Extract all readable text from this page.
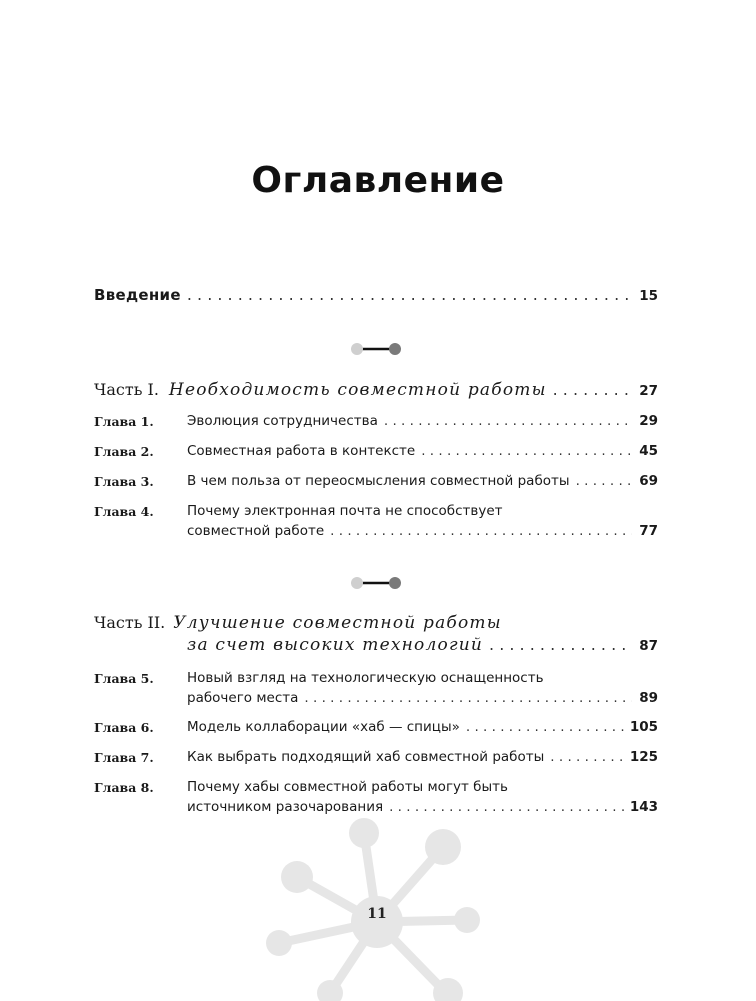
Оглавление
Введение . . .	15
Часть I. Необходимость совместной работы . . .	27
Глава 1. Эволюция сотрудничества . . .	29
Глава 2. Совместная работа в контексте . . .	45
Глава 3. В чем польза от переосмысления совместной работы . . .	69
Глава 4. Почему электронная почта не способствует
совместной работе . . .	77
Часть II. Улучшение совместной работы
за счет высоких технологий . . .	87
Глава 5. Новый взгляд на технологическую оснащенность
рабочего места . . .	89
Глава 6. Модель коллаборации «хаб — спицы» . . .	105
Глава 7. Как выбрать подходящий хаб совместной работы . . .	125
Глава 8. Почему хабы совместной работы могут быть
источником разочарования . . .	143
11
